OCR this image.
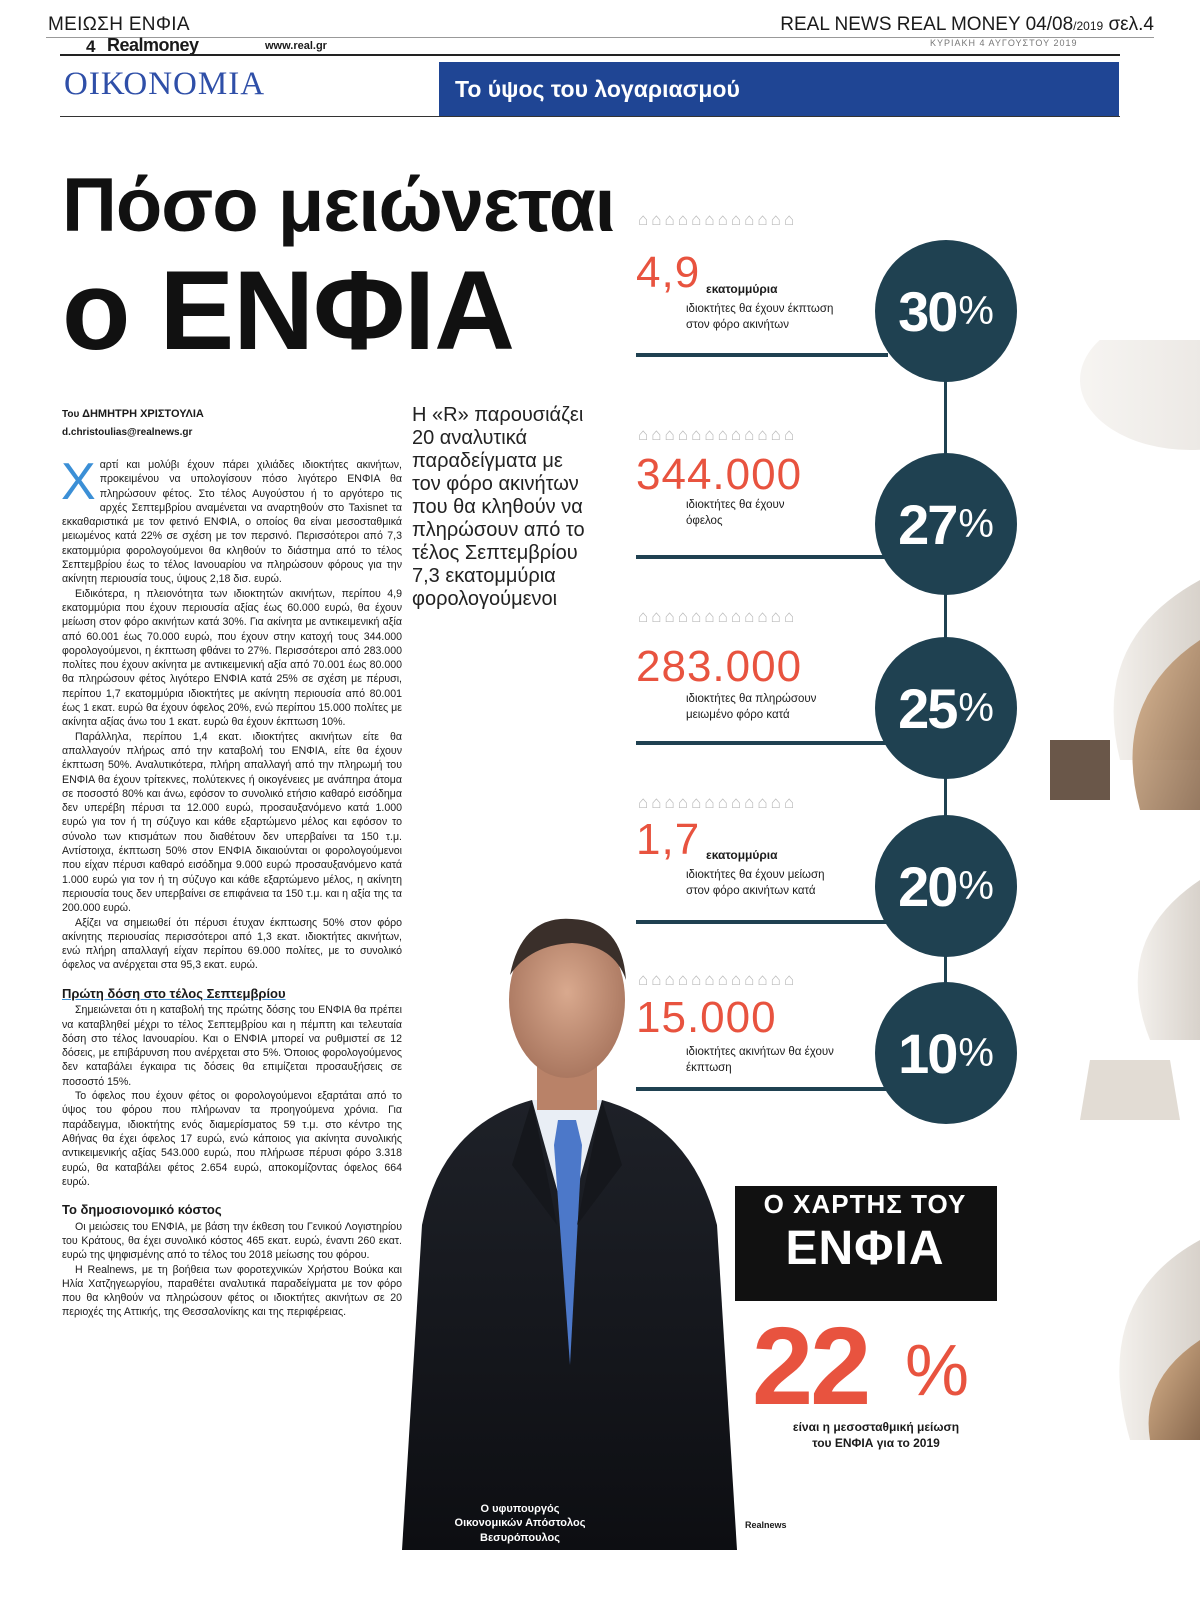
ΜΕΙΩΣΗ ΕΝΦΙΑ	REAL NEWS REAL MONEY 04/08/2019 σελ.4
4 Realmoney	www.real.gr	ΚΥΡΙΑΚΗ 4 ΑΥΓΟΥΣΤΟΥ 2019
ΟΙΚΟΝΟΜΙΑ	Το ύψος του λογαριασμού
Πόσο μειώνεται
ο ΕΝΦΙΑ
Του ΔΗΜΗΤΡΗ ΧΡΙΣΤΟΥΛΙΑ
d.christoulias@realnews.gr
Η «R» παρουσιάζει 20 αναλυτικά παραδείγματα με τον φόρο ακινήτων που θα κληθούν να πληρώσουν από το τέλος Σεπτεμβρίου 7,3 εκατομμύρια φορολογούμενοι

Χαρτί και μολύβι έχουν πάρει χιλιάδες ιδιοκτήτες ακινήτων, προκειμένου να υπολογίσουν πόσο λιγότερο ΕΝΦΙΑ θα πληρώσουν φέτος. Στο τέλος Αυγούστου ή το αργότερο τις αρχές Σεπτεμβρίου αναμένεται να αναρτηθούν στο Taxisnet τα εκκαθαριστικά με τον φετινό ΕΝΦΙΑ, ο οποίος θα είναι μεσοσταθμικά μειωμένος κατά 22% σε σχέση με τον περσινό. Περισσότεροι από 7,3 εκατομμύρια φορολογούμενοι θα κληθούν τo διάστημα από το τέλος Σεπτεμβρίου έως το τέλος Ιανουαρίου να πληρώσουν φόρους για την ακίνητη περιουσία τους, ύψους 2,18 δισ. ευρώ.

Ειδικότερα, η πλειονότητα των ιδιοκτητών ακινήτων, περίπου 4,9 εκατομμύρια που έχουν περιουσία αξίας έως 60.000 ευρώ, θα έχουν μείωση στον φόρο ακινήτων κατά 30%. Για ακίνητα με αντικειμενική αξία από 60.001 έως 70.000 ευρώ, που έχουν στην κατοχή τους 344.000 φορολογούμενοι, η έκπτωση φθάνει το 27%. Περισσότεροι από 283.000 πολίτες που έχουν ακίνητα με αντικειμενική αξία από 70.001 έως 80.000 θα πληρώσουν φέτος λιγότερο ΕΝΦΙΑ κατά 25% σε σχέση με πέρυσι, περίπου 1,7 εκατομμύρια ιδιοκτήτες με ακίνητη περιουσία από 80.001 έως 1 εκατ. ευρώ θα έχουν όφελος 20%, ενώ περίπου 15.000 πολίτες με ακίνητα αξίας άνω του 1 εκατ. ευρώ θα έχουν έκπτωση 10%.

Παράλληλα, περίπου 1,4 εκατ. ιδιοκτήτες ακινήτων είτε θα απαλλαγούν πλήρως από την καταβολή του ΕΝΦΙΑ, είτε θα έχουν έκπτωση 50%. Αναλυτικότερα, πλήρη απαλλαγή από την πληρωμή του ΕΝΦΙΑ θα έχουν τρίτεκνες, πολύτεκνες ή οικογένειες με ανάπηρα άτομα σε ποσοστό 80% και άνω, εφόσον το συνολικό ετήσιο καθαρό εισόδημα δεν υπερέβη πέρυσι τα 12.000 ευρώ, προσαυξανόμενο κατά 1.000 ευρώ για τον ή τη σύζυγο και κάθε εξαρτώμενο μέλος και εφόσον το σύνολο των κτισμάτων που διαθέτουν δεν υπερβαίνει τα 150 τ.μ. Αντίστοιχα, έκπτωση 50% στον ΕΝΦΙΑ δικαιούνται οι φορολογούμενοι που είχαν πέρυσι καθαρό εισόδημα 9.000 ευρώ προσαυξανόμενο κατά 1.000 ευρώ για τον ή τη σύζυγο και κάθε εξαρτώμενο μέλος, η ακίνητη περιουσία τους δεν υπερβαίνει σε επιφάνεια τα 150 τ.μ. και η αξία της τα 200.000 ευρώ.

Αξίζει να σημειωθεί ότι πέρυσι έτυχαν έκπτωσης 50% στον φόρο ακίνητης περιουσίας περισσότεροι από 1,3 εκατ. ιδιοκτήτες ακινήτων, ενώ πλήρη απαλλαγή είχαν περίπου 69.000 πολίτες, με το συνολικό όφελος να ανέρχεται στα 95,3 εκατ. ευρώ.

Πρώτη δόση στο τέλος Σεπτεμβρίου

Σημειώνεται ότι η καταβολή της πρώτης δόσης του ΕΝΦΙΑ θα πρέπει να καταβληθεί μέχρι το τέλος Σεπτεμβρίου και η πέμπτη και τελευταία δόση στο τέλος Ιανουαρίου. Και ο ΕΝΦΙΑ μπορεί να ρυθμιστεί σε 12 δόσεις, με επιβάρυνση που ανέρχεται στο 5%. Όποιος φορολογούμενος δεν καταβάλει έγκαιρα τις δόσεις θα επιμίζεται προσαυξήσεις σε ποσοστό 15%.

Το όφελος που έχουν φέτος οι φορολογούμενοι εξαρτάται από το ύψος του φόρου που πλήρωναν τα προηγούμενα χρόνια. Για παράδειγμα, ιδιοκτήτης ενός διαμερίσματος 59 τ.μ. στο κέντρο της Αθήνας θα έχει όφελος 17 ευρώ, ενώ κάποιος για ακίνητα συνολικής αντικειμενικής αξίας 543.000 ευρώ, που πλήρωσε πέρυσι φόρο 3.318 ευρώ, θα καταβάλει φέτος 2.654 ευρώ, αποκομίζοντας όφελος 664 ευρώ.

Το δημοσιονομικό κόστος

Οι μειώσεις του ΕΝΦΙΑ, με βάση την έκθεση του Γενικού Λογιστηρίου του Κράτους, θα έχει συνολικό κόστος 465 εκατ. ευρώ, έναντι 260 εκατ. ευρώ της ψηφισμένης από το τέλος του 2018 μείωσης του φόρου.

Η Realnews, με τη βοήθεια των φοροτεχνικών Χρήστου Βούκα και Ηλία Χατζηγεωργίου, παραθέτει αναλυτικά παραδείγματα με τον φόρο που θα κληθούν να πληρώσουν φέτος οι ιδιοκτήτες ακινήτων σε 20 περιοχές της Αττικής, της Θεσσαλονίκης και της περιφέρειας.

Ο υφυπουργός
Οικονομικών Απόστολος
Βεσυρόπουλος
⌂⌂⌂⌂⌂⌂⌂⌂⌂⌂⌂⌂
4,9 εκατομμύρια
ιδιοκτήτες θα έχουν έκπτωση
στον φόρο ακινήτων	30 %
⌂⌂⌂⌂⌂⌂⌂⌂⌂⌂⌂⌂
344.000
ιδιοκτήτες θα έχουν
όφελος	27 %
⌂⌂⌂⌂⌂⌂⌂⌂⌂⌂⌂⌂
283.000
ιδιοκτήτες θα πληρώσουν
μειωμένο φόρο κατά	25 %
⌂⌂⌂⌂⌂⌂⌂⌂⌂⌂⌂⌂
1,7 εκατομμύρια
ιδιοκτήτες θα έχουν μείωση
στον φόρο ακινήτων κατά 20 %
⌂⌂⌂⌂⌂⌂⌂⌂⌂⌂⌂⌂
15.000
ιδιοκτήτες ακινήτων θα έχουν
έκπτωση	10 %
Ο ΧΑΡΤΗΣ ΤΟΥ
ΕΝΦΙΑ
22 %
είναι η μεσοσταθμική μείωση
του ΕΝΦΙΑ για το 2019
Realnews
